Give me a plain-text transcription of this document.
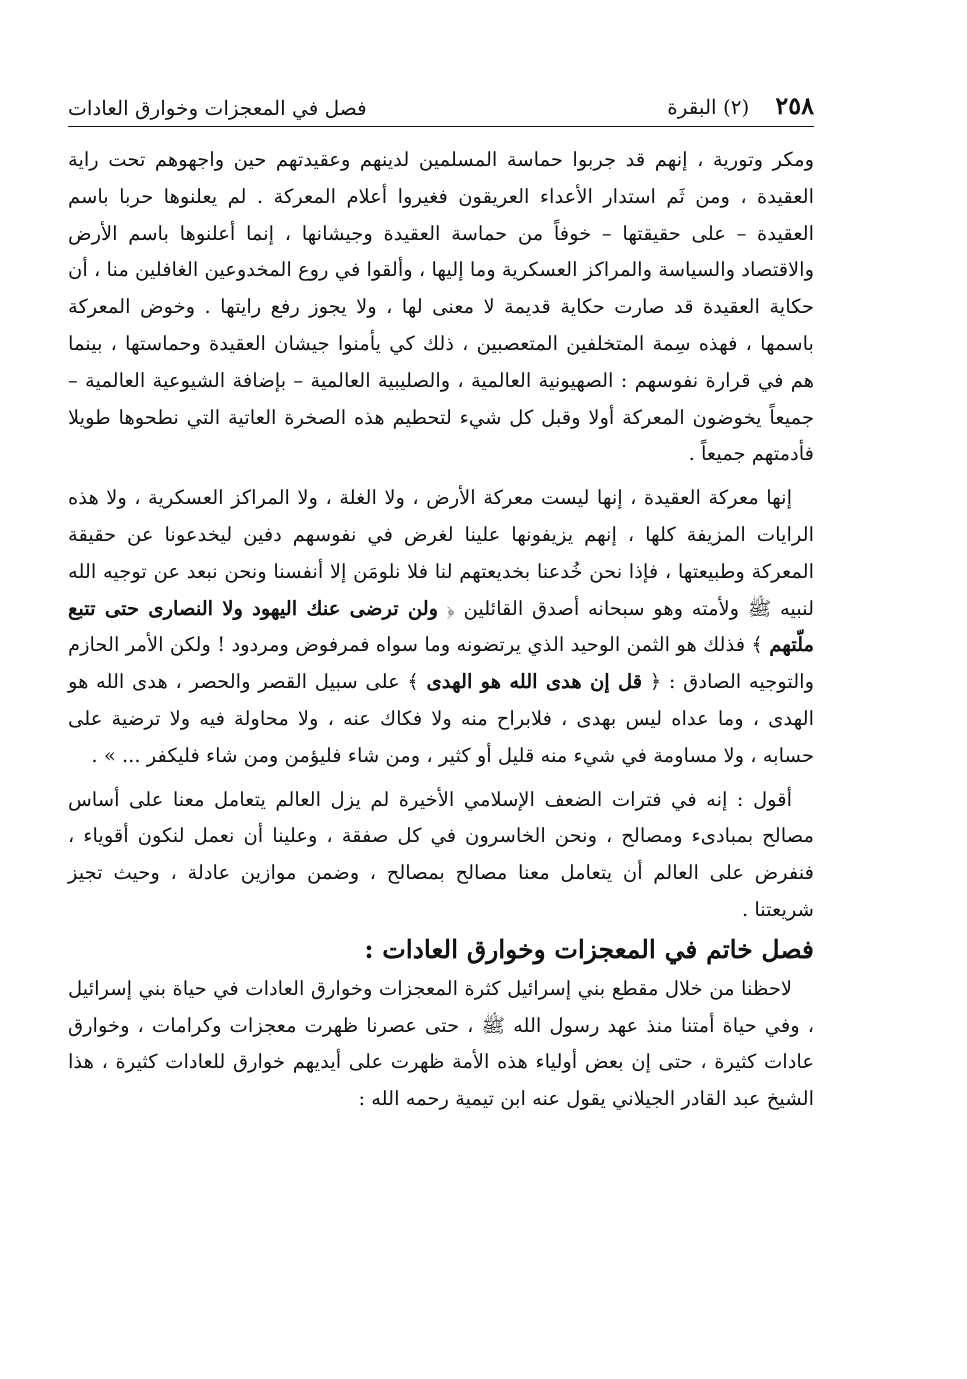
٢٥٨
(٢) البقرة
فصل في المعجزات وخوارق العادات

ومكر وتورية ، إنهم قد جربوا حماسة المسلمين لدينهم وعقيدتهم حين واجهوهم تحت راية العقيدة ، ومن ثَم استدار الأعداء العريقون فغيروا أعلام المعركة . لم يعلنوها حربا باسم العقيدة – على حقيقتها – خوفاً من حماسة العقيدة وجيشانها ، إنما أعلنوها باسم الأرض والاقتصاد والسياسة والمراكز العسكرية وما إليها ، وألقوا في روع المخدوعين الغافلين منا ، أن حكاية العقيدة قد صارت حكاية قديمة لا معنى لها ، ولا يجوز رفع رايتها . وخوض المعركة باسمها ، فهذه سِمة المتخلفين المتعصبين ، ذلك كي يأمنوا جيشان العقيدة وحماستها ، بينما هم في قرارة نفوسهم : الصهيونية العالمية ، والصليبية العالمية – بإضافة الشيوعية العالمية – جميعاً يخوضون المعركة أولا وقبل كل شيء لتحطيم هذه الصخرة العاتية التي نطحوها طويلا فأدمتهم جميعاً .

إنها معركة العقيدة ، إنها ليست معركة الأرض ، ولا الغلة ، ولا المراكز العسكرية ، ولا هذه الرايات المزيفة كلها ، إنهم يزيفونها علينا لغرض في نفوسهم دفين ليخدعونا عن حقيقة المعركة وطبيعتها ، فإذا نحن خُدعنا بخديعتهم لنا فلا نلومَن إلا أنفسنا ونحن نبعد عن توجيه الله لنبيه ﷺ ولأمته وهو سبحانه أصدق القائلين ﴿ ولن ترضى عنك اليهود ولا النصارى حتى تتبع ملّتهم ﴾ فذلك هو الثمن الوحيد الذي يرتضونه وما سواه فمرفوض ومردود ! ولكن الأمر الحازم والتوجيه الصادق : ﴿ قل إن هدى الله هو الهدى ﴾ على سبيل القصر والحصر ، هدى الله هو الهدى ، وما عداه ليس بهدى ، فلابراح منه ولا فكاك عنه ، ولا محاولة فيه ولا ترضية على حسابه ، ولا مساومة في شيء منه قليل أو كثير ، ومن شاء فليؤمن ومن شاء فليكفر ... » .

أقول : إنه في فترات الضعف الإسلامي الأخيرة لم يزل العالم يتعامل معنا على أساس مصالح بمبادىء ومصالح ، ونحن الخاسرون في كل صفقة ، وعلينا أن نعمل لنكون أقوياء ، فنفرض على العالم أن يتعامل معنا مصالح بمصالح ، وضمن موازين عادلة ، وحيث تجيز شريعتنا .

فصل خاتم في المعجزات وخوارق العادات :

لاحظنا من خلال مقطع بني إسرائيل كثرة المعجزات وخوارق العادات في حياة بني إسرائيل ، وفي حياة أمتنا منذ عهد رسول الله ﷺ ، حتى عصرنا ظهرت معجزات وكرامات ، وخوارق عادات كثيرة ، حتى إن بعض أولياء هذه الأمة ظهرت على أيديهم خوارق للعادات كثيرة ، هذا الشيخ عبد القادر الجيلاني يقول عنه ابن تيمية رحمه الله :
